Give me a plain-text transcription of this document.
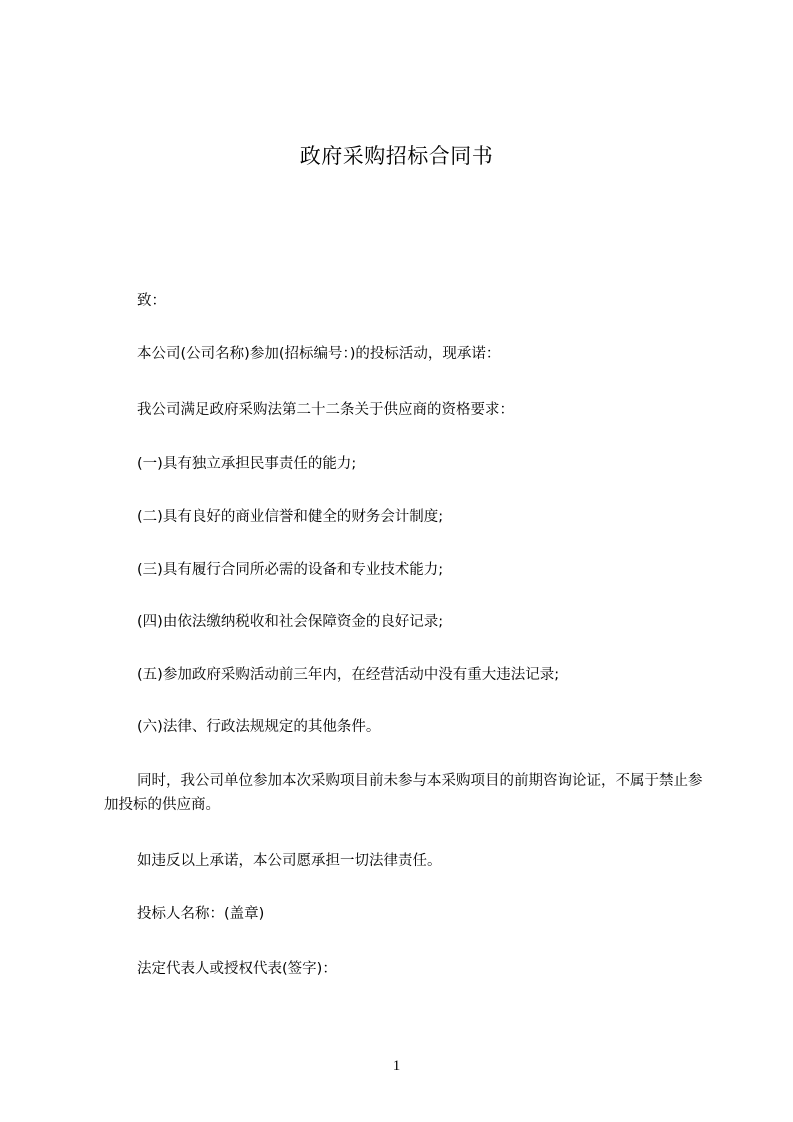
政府采购招标合同书
致：
本公司(公司名称)参加(招标编号：)的投标活动，现承诺：
我公司满足政府采购法第二十二条关于供应商的资格要求：
(一)具有独立承担民事责任的能力;
(二)具有良好的商业信誉和健全的财务会计制度;
(三)具有履行合同所必需的设备和专业技术能力;
(四)由依法缴纳税收和社会保障资金的良好记录;
(五)参加政府采购活动前三年内，在经营活动中没有重大违法记录;
(六)法律、行政法规规定的其他条件。
同时，我公司单位参加本次采购项目前未参与本采购项目的前期咨询论证，不属于禁止参加投标的供应商。
如违反以上承诺，本公司愿承担一切法律责任。
投标人名称：(盖章)
法定代表人或授权代表(签字)：
1
